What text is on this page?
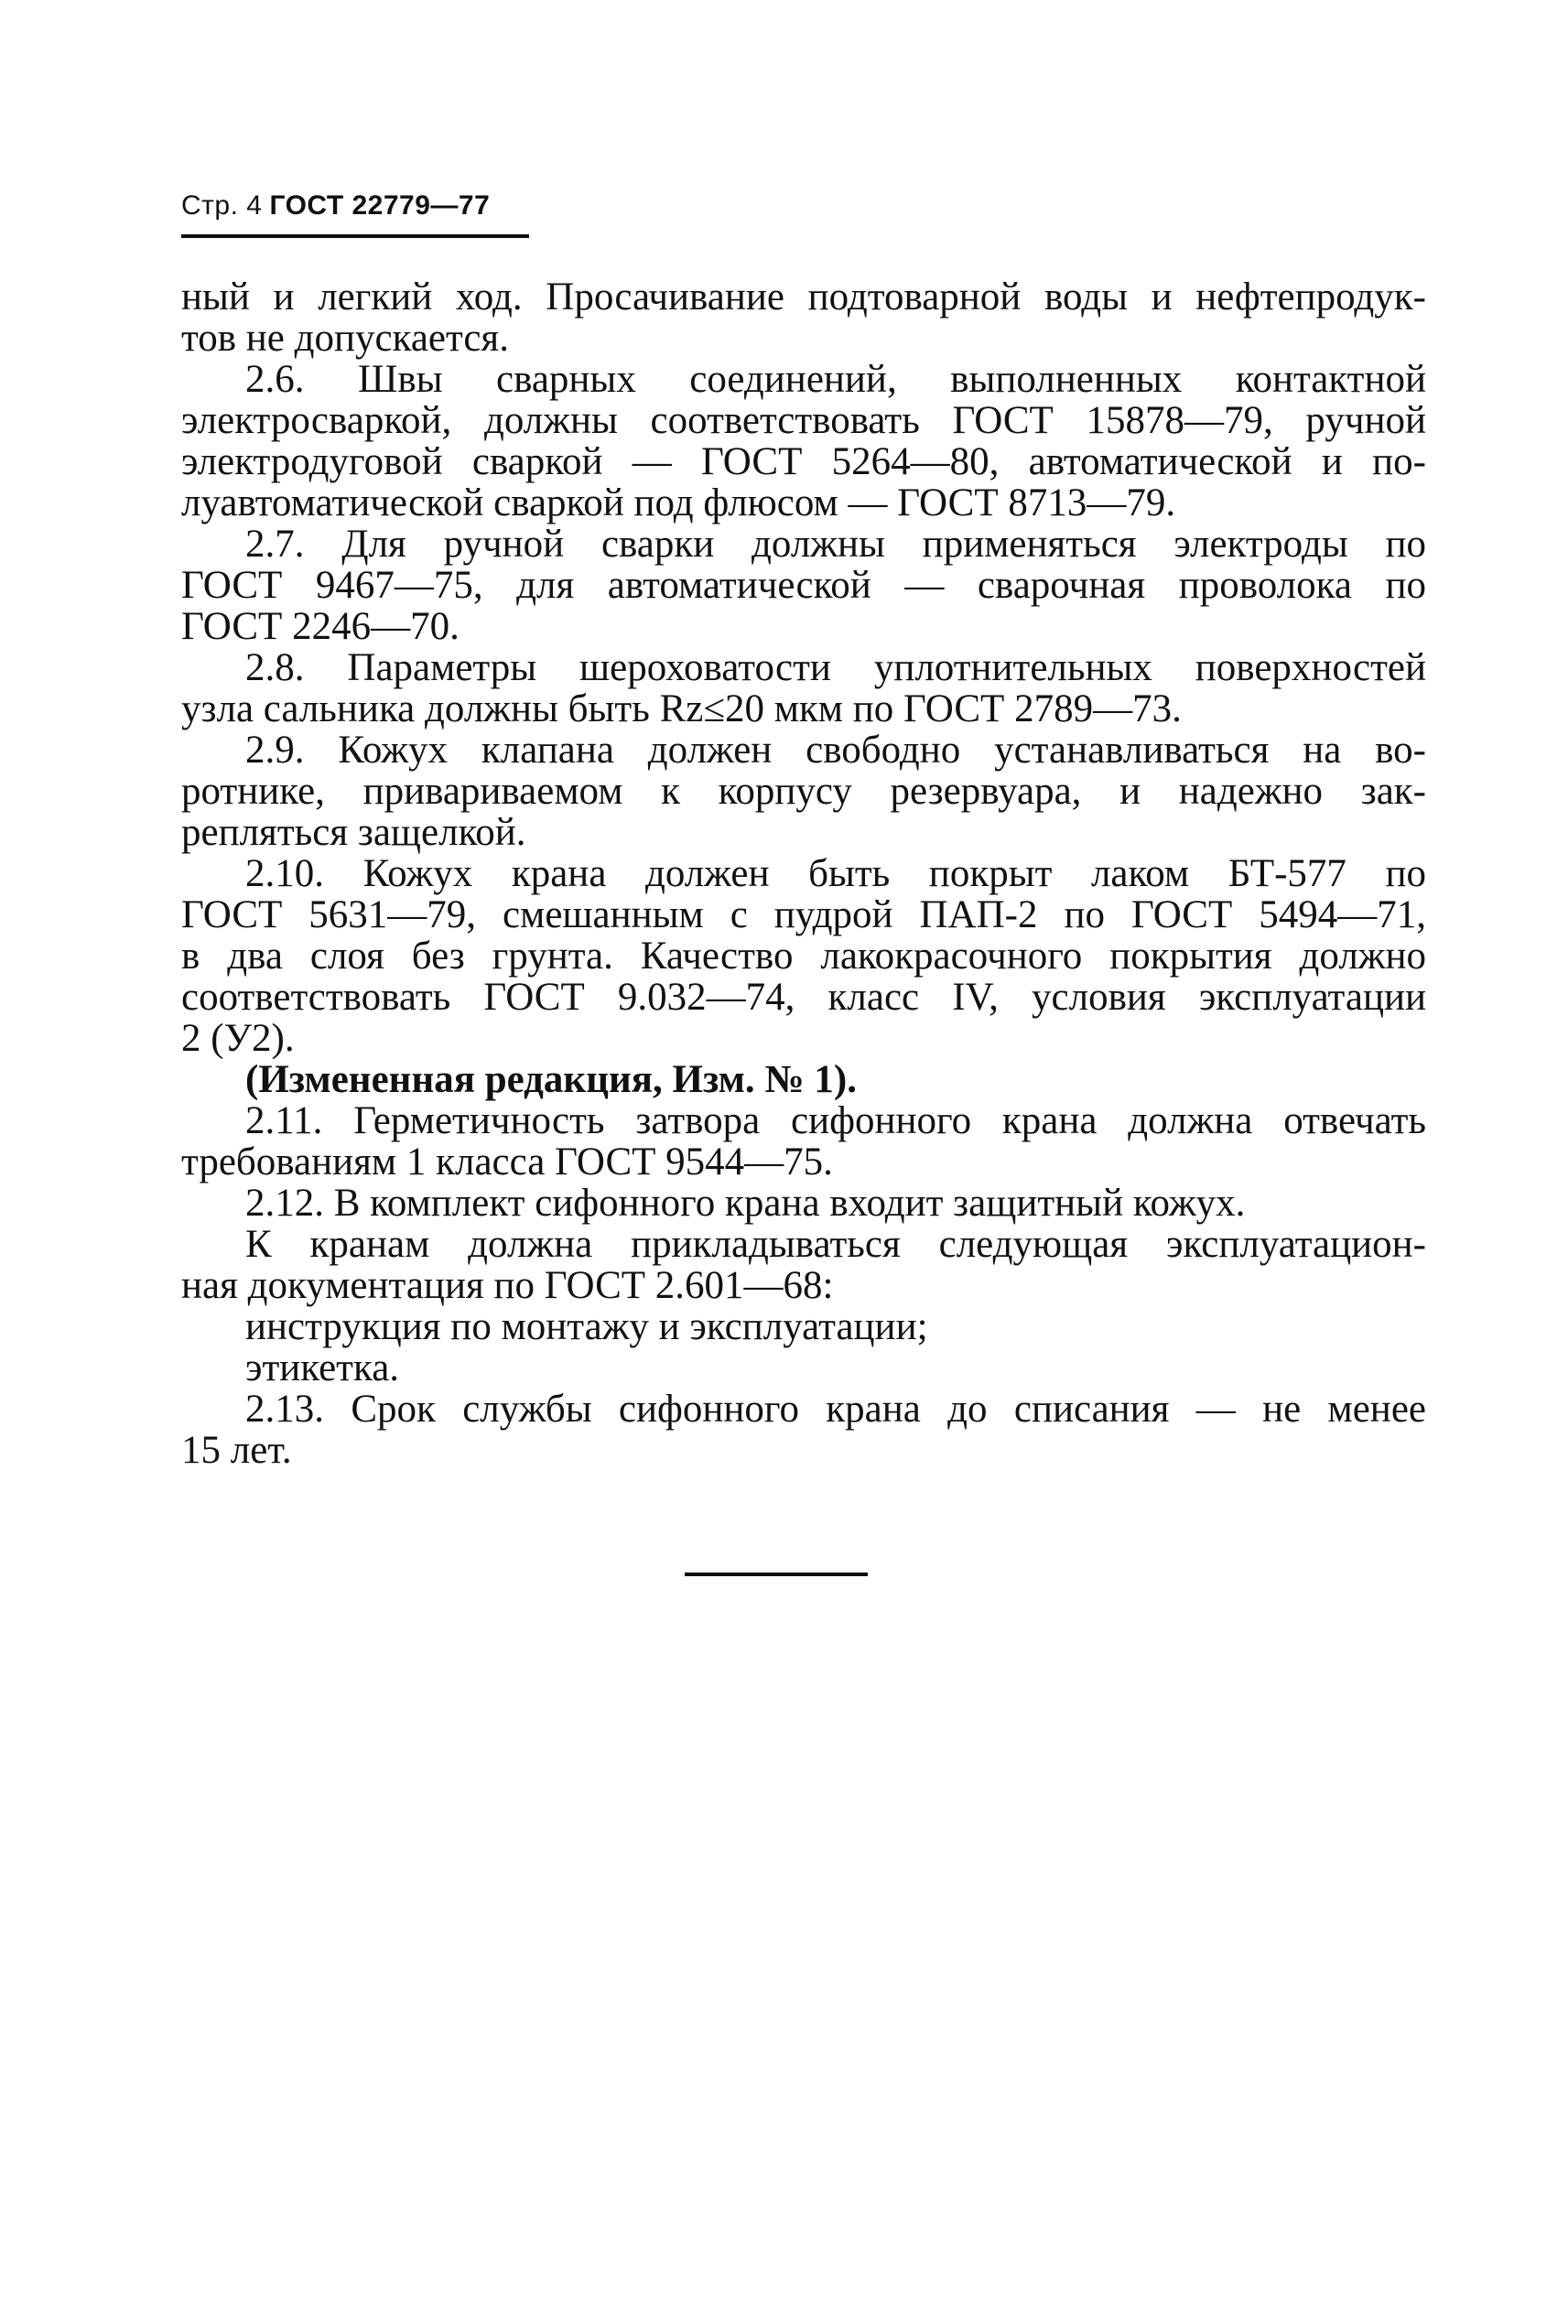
Стр. 4 ГОСТ 22779—77
ный и легкий ход. Просачивание подтоварной воды и нефтепродук-
тов не допускается.
2.6. Швы сварных соединений, выполненных контактной
электросваркой, должны соответствовать ГОСТ 15878—79, ручной
электродуговой сваркой — ГОСТ 5264—80, автоматической и по-
луавтоматической сваркой под флюсом — ГОСТ 8713—79.
2.7. Для ручной сварки должны применяться электроды по
ГОСТ 9467—75, для автоматической — сварочная проволока по
ГОСТ 2246—70.
2.8. Параметры шероховатости уплотнительных поверхностей
узла сальника должны быть Rz≤20 мкм по ГОСТ 2789—73.
2.9. Кожух клапана должен свободно устанавливаться на во-
ротнике, привариваемом к корпусу резервуара, и надежно зак-
репляться защелкой.
2.10. Кожух крана должен быть покрыт лаком БТ-577 по
ГОСТ 5631—79, смешанным с пудрой ПАП-2 по ГОСТ 5494—71,
в два слоя без грунта. Качество лакокрасочного покрытия должно
соответствовать ГОСТ 9.032—74, класс IV, условия эксплуатации
2 (У2).
(Измененная редакция, Изм. № 1).
2.11. Герметичность затвора сифонного крана должна отвечать
требованиям 1 класса ГОСТ 9544—75.
2.12. В комплект сифонного крана входит защитный кожух.
К кранам должна прикладываться следующая эксплуатацион-
ная документация по ГОСТ 2.601—68:
инструкция по монтажу и эксплуатации;
этикетка.
2.13. Срок службы сифонного крана до списания — не менее
15 лет.
